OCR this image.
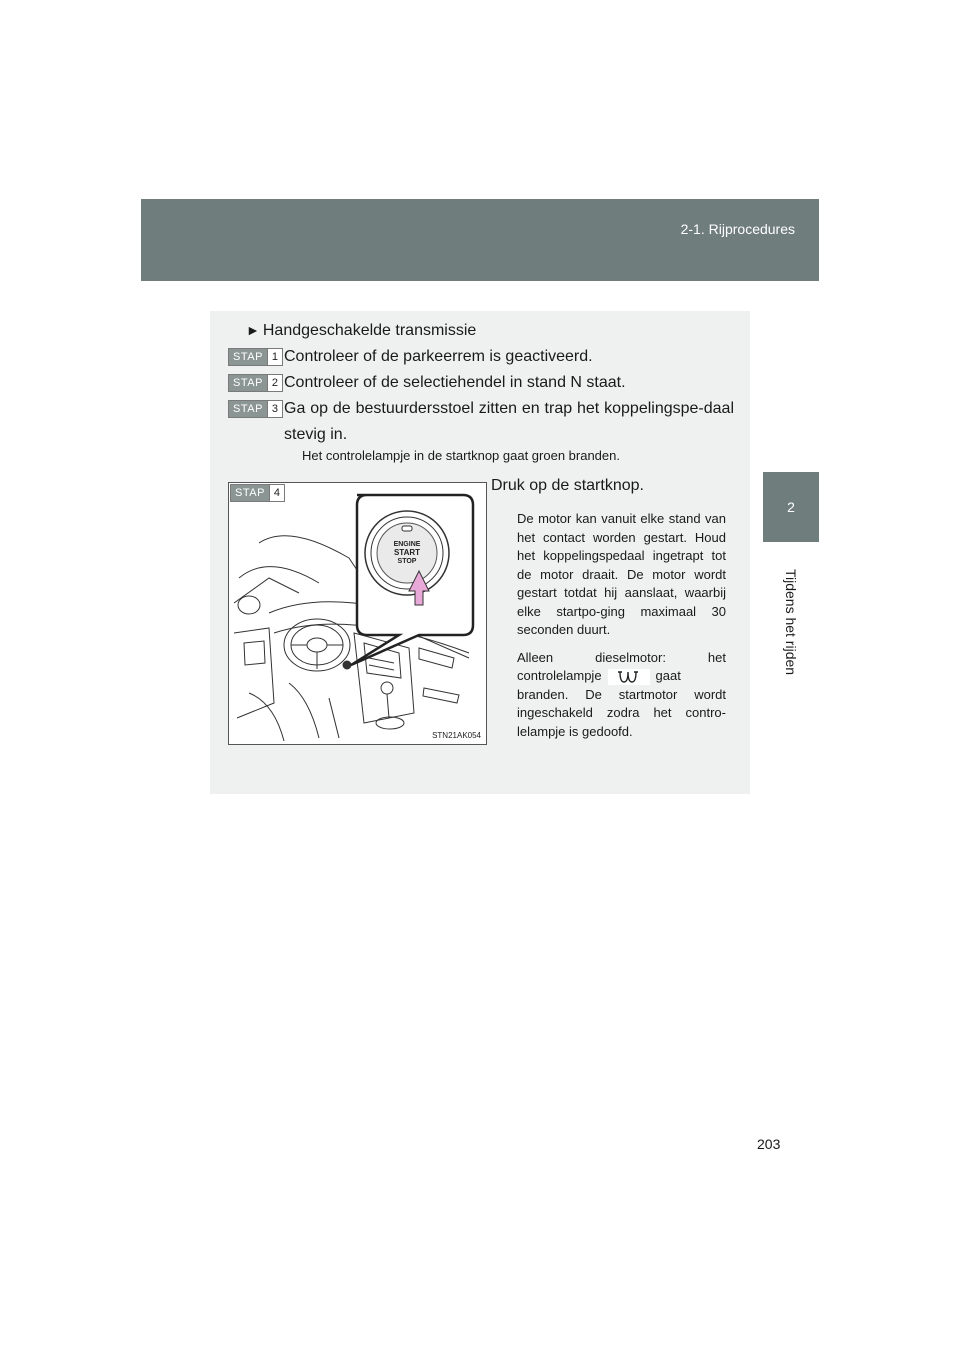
2-1. Rijprocedures
2
Tijdens het rijden
► Handgeschakelde transmissie
STAP 1 Controleer of de parkeerrem is geactiveerd.
STAP 2 Controleer of de selectiehendel in stand N staat.
STAP 3 Ga op de bestuurdersstoel zitten en trap het koppelingspe-daal stevig in.
Het controlelampje in de startknop gaat groen branden.
STAP 4
ENGINE
START
STOP
STN21AK054
Druk op de startknop.

De motor kan vanuit elke stand van het contact worden gestart. Houd het koppelingspedaal ingetrapt tot de motor draait. De motor wordt gestart totdat hij aanslaat, waarbij elke startpo-ging maximaal 30 seconden duurt.

Alleen dieselmotor: het controlelampje	gaat branden. De startmotor wordt ingeschakeld zodra het contro-lelampje is gedoofd.

203
